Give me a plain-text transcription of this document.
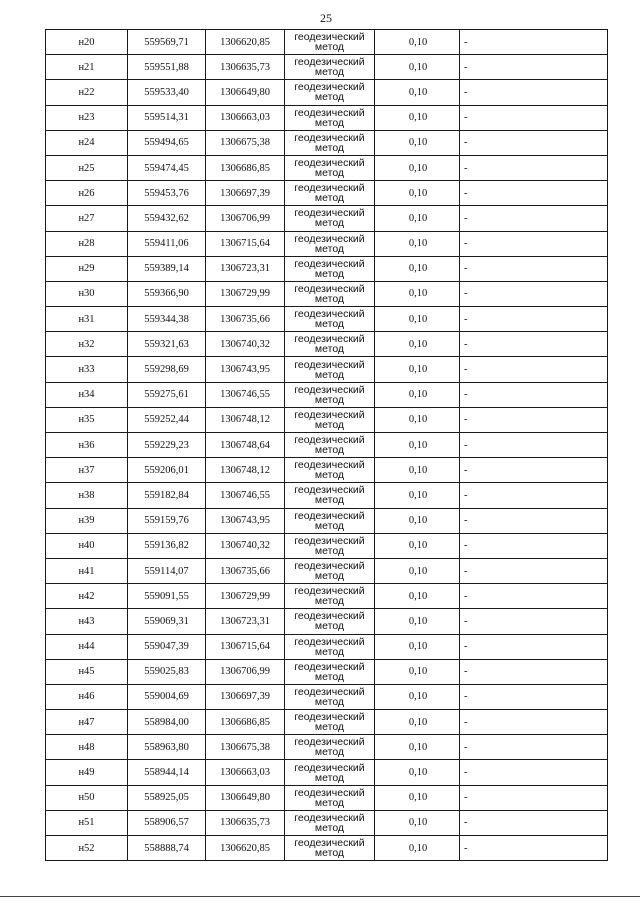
25
н20	559569,71	1306620,85	геодезический метод	0,10	-
н21	559551,88	1306635,73	геодезический метод	0,10	-
н22	559533,40	1306649,80	геодезический метод	0,10	-
н23	559514,31	1306663,03	геодезический метод	0,10	-
н24	559494,65	1306675,38	геодезический метод	0,10	-
н25	559474,45	1306686,85	геодезический метод	0,10	-
н26	559453,76	1306697,39	геодезический метод	0,10	-
н27	559432,62	1306706,99	геодезический метод	0,10	-
н28	559411,06	1306715,64	геодезический метод	0,10	-
н29	559389,14	1306723,31	геодезический метод	0,10	-
н30	559366,90	1306729,99	геодезический метод	0,10	-
н31	559344,38	1306735,66	геодезический метод	0,10	-
н32	559321,63	1306740,32	геодезический метод	0,10	-
н33	559298,69	1306743,95	геодезический метод	0,10	-
н34	559275,61	1306746,55	геодезический метод	0,10	-
н35	559252,44	1306748,12	геодезический метод	0,10	-
н36	559229,23	1306748,64	геодезический метод	0,10	-
н37	559206,01	1306748,12	геодезический метод	0,10	-
н38	559182,84	1306746,55	геодезический метод	0,10	-
н39	559159,76	1306743,95	геодезический метод	0,10	-
н40	559136,82	1306740,32	геодезический метод	0,10	-
н41	559114,07	1306735,66	геодезический метод	0,10	-
н42	559091,55	1306729,99	геодезический метод	0,10	-
н43	559069,31	1306723,31	геодезический метод	0,10	-
н44	559047,39	1306715,64	геодезический метод	0,10	-
н45	559025,83	1306706,99	геодезический метод	0,10	-
н46	559004,69	1306697,39	геодезический метод	0,10	-
н47	558984,00	1306686,85	геодезический метод	0,10	-
н48	558963,80	1306675,38	геодезический метод	0,10	-
н49	558944,14	1306663,03	геодезический метод	0,10	-
н50	558925,05	1306649,80	геодезический метод	0,10	-
н51	558906,57	1306635,73	геодезический метод	0,10	-
н52	558888,74	1306620,85	геодезический метод	0,10	-
